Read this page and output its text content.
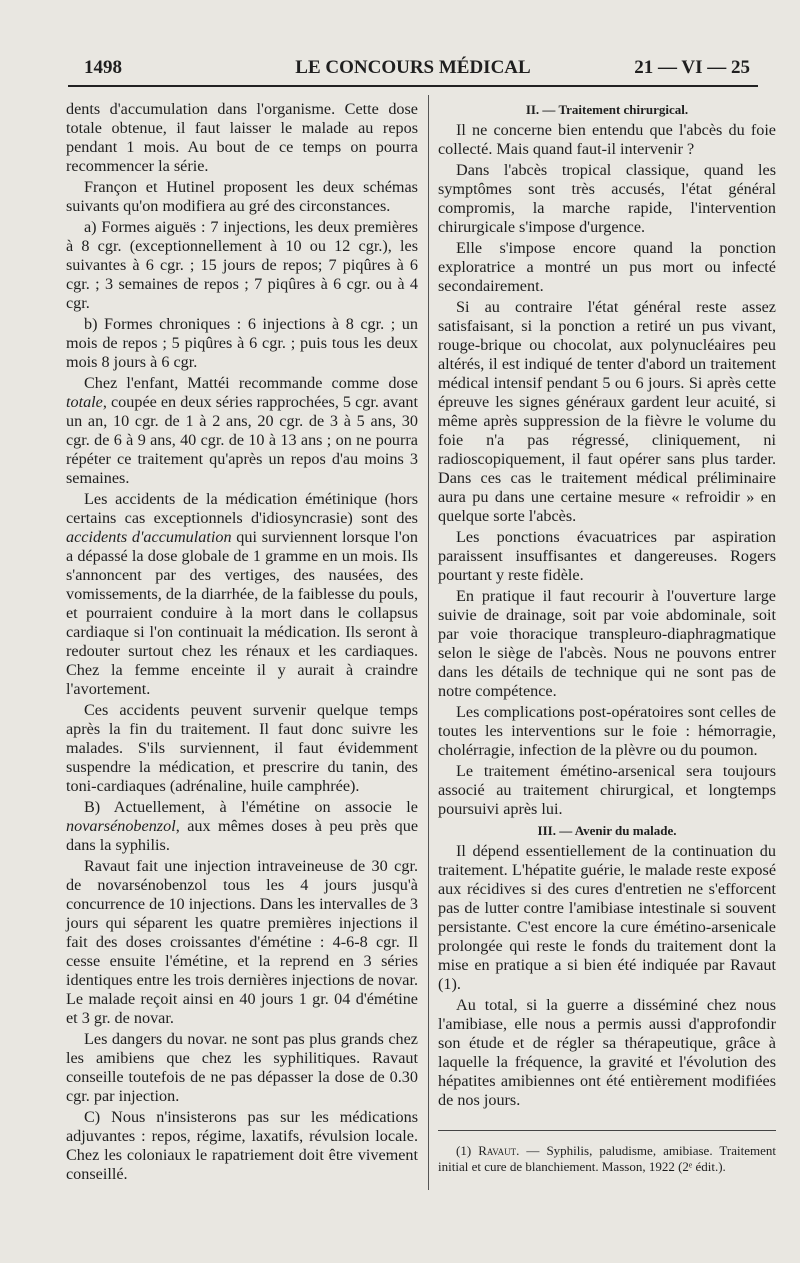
1498	LE CONCOURS MÉDICAL	21 — VI — 25

dents d'accumulation dans l'organisme. Cette dose totale obtenue, il faut laisser le malade au repos pendant 1 mois. Au bout de ce temps on pourra recommencer la série.

Françon et Hutinel proposent les deux schémas suivants qu'on modifiera au gré des circonstances.

a) Formes aiguës : 7 injections, les deux premières à 8 cgr. (exceptionnellement à 10 ou 12 cgr.), les suivantes à 6 cgr. ; 15 jours de repos; 7 piqûres à 6 cgr. ; 3 semaines de repos ; 7 piqûres à 6 cgr. ou à 4 cgr.

b) Formes chroniques : 6 injections à 8 cgr. ; un mois de repos ; 5 piqûres à 6 cgr. ; puis tous les deux mois 8 jours à 6 cgr.

Chez l'enfant, Mattéi recommande comme dose totale, coupée en deux séries rapprochées, 5 cgr. avant un an, 10 cgr. de 1 à 2 ans, 20 cgr. de 3 à 5 ans, 30 cgr. de 6 à 9 ans, 40 cgr. de 10 à 13 ans ; on ne pourra répéter ce traitement qu'après un repos d'au moins 3 semaines.

Les accidents de la médication émétinique (hors certains cas exceptionnels d'idiosyncrasie) sont des accidents d'accumulation qui surviennent lorsque l'on a dépassé la dose globale de 1 gramme en un mois. Ils s'annoncent par des vertiges, des nausées, des vomissements, de la diarrhée, de la faiblesse du pouls, et pourraient conduire à la mort dans le collapsus cardiaque si l'on continuait la médication. Ils seront à redouter surtout chez les rénaux et les cardiaques. Chez la femme enceinte il y aurait à craindre l'avortement.

Ces accidents peuvent survenir quelque temps après la fin du traitement. Il faut donc suivre les malades. S'ils surviennent, il faut évidemment suspendre la médication, et prescrire du tanin, des toni-cardiaques (adrénaline, huile camphrée).

B) Actuellement, à l'émétine on associe le novarsénobenzol, aux mêmes doses à peu près que dans la syphilis.

Ravaut fait une injection intraveineuse de 30 cgr. de novarsénobenzol tous les 4 jours jusqu'à concurrence de 10 injections. Dans les intervalles de 3 jours qui séparent les quatre premières injections il fait des doses croissantes d'émétine : 4-6-8 cgr. Il cesse ensuite l'émétine, et la reprend en 3 séries identiques entre les trois dernières injections de novar. Le malade reçoit ainsi en 40 jours 1 gr. 04 d'émétine et 3 gr. de novar.

Les dangers du novar. ne sont pas plus grands chez les amibiens que chez les syphilitiques. Ravaut conseille toutefois de ne pas dépasser la dose de 0.30 cgr. par injection.

C) Nous n'insisterons pas sur les médications adjuvantes : repos, régime, laxatifs, révulsion locale. Chez les coloniaux le rapatriement doit être vivement conseillé.

II. — Traitement chirurgical.

Il ne concerne bien entendu que l'abcès du foie collecté. Mais quand faut-il intervenir ?

Dans l'abcès tropical classique, quand les symptômes sont très accusés, l'état général compromis, la marche rapide, l'intervention chirurgicale s'impose d'urgence.

Elle s'impose encore quand la ponction exploratrice a montré un pus mort ou infecté secondairement.

Si au contraire l'état général reste assez satisfaisant, si la ponction a retiré un pus vivant, rouge-brique ou chocolat, aux polynucléaires peu altérés, il est indiqué de tenter d'abord un traitement médical intensif pendant 5 ou 6 jours. Si après cette épreuve les signes généraux gardent leur acuité, si même après suppression de la fièvre le volume du foie n'a pas régressé, cliniquement, ni radioscopiquement, il faut opérer sans plus tarder. Dans ces cas le traitement médical préliminaire aura pu dans une certaine mesure « refroidir » en quelque sorte l'abcès.

Les ponctions évacuatrices par aspiration paraissent insuffisantes et dangereuses. Rogers pourtant y reste fidèle.

En pratique il faut recourir à l'ouverture large suivie de drainage, soit par voie abdominale, soit par voie thoracique transpleuro-diaphragmatique selon le siège de l'abcès. Nous ne pouvons entrer dans les détails de technique qui ne sont pas de notre compétence.

Les complications post-opératoires sont celles de toutes les interventions sur le foie : hémorragie, cholérragie, infection de la plèvre ou du poumon.

Le traitement émétino-arsenical sera toujours associé au traitement chirurgical, et longtemps poursuivi après lui.

III. — Avenir du malade.

Il dépend essentiellement de la continuation du traitement. L'hépatite guérie, le malade reste exposé aux récidives si des cures d'entretien ne s'efforcent pas de lutter contre l'amibiase intestinale si souvent persistante. C'est encore la cure émétino-arsenicale prolongée qui reste le fonds du traitement dont la mise en pratique a si bien été indiquée par Ravaut (1).

Au total, si la guerre a disséminé chez nous l'amibiase, elle nous a permis aussi d'approfondir son étude et de régler sa thérapeutique, grâce à laquelle la fréquence, la gravité et l'évolution des hépatites amibiennes ont été entièrement modifiées de nos jours.

(1) Ravaut. — Syphilis, paludisme, amibiase. Traitement initial et cure de blanchiement. Masson, 1922 (2ᵉ édit.).
